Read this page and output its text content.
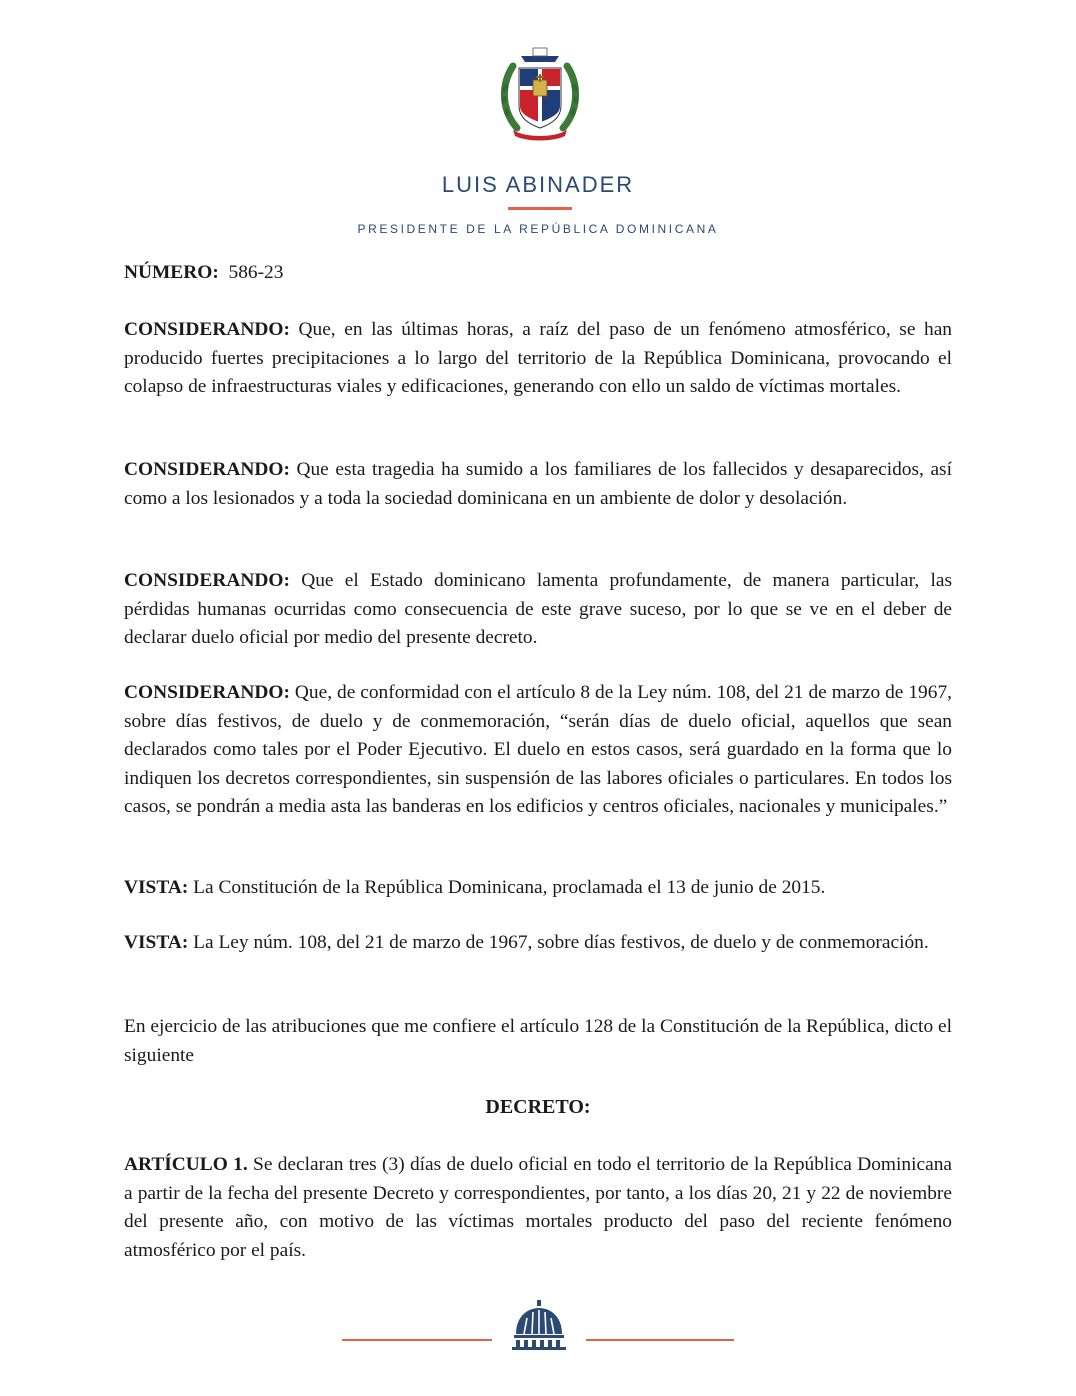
LUIS ABINADER
PRESIDENTE DE LA REPÚBLICA DOMINICANA
NÚMERO: 586-23

CONSIDERANDO: Que, en las últimas horas, a raíz del paso de un fenómeno atmosférico, se han producido fuertes precipitaciones a lo largo del territorio de la República Dominicana, provocando el colapso de infraestructuras viales y edificaciones, generando con ello un saldo de víctimas mortales.

CONSIDERANDO: Que esta tragedia ha sumido a los familiares de los fallecidos y desaparecidos, así como a los lesionados y a toda la sociedad dominicana en un ambiente de dolor y desolación.

CONSIDERANDO: Que el Estado dominicano lamenta profundamente, de manera particular, las pérdidas humanas ocurridas como consecuencia de este grave suceso, por lo que se ve en el deber de declarar duelo oficial por medio del presente decreto.

CONSIDERANDO: Que, de conformidad con el artículo 8 de la Ley núm. 108, del 21 de marzo de 1967, sobre días festivos, de duelo y de conmemoración, “serán días de duelo oficial, aquellos que sean declarados como tales por el Poder Ejecutivo. El duelo en estos casos, será guardado en la forma que lo indiquen los decretos correspondientes, sin suspensión de las labores oficiales o particulares. En todos los casos, se pondrán a media asta las banderas en los edificios y centros oficiales, nacionales y municipales.”

VISTA: La Constitución de la República Dominicana, proclamada el 13 de junio de 2015.

VISTA: La Ley núm. 108, del 21 de marzo de 1967, sobre días festivos, de duelo y de conmemoración.

En ejercicio de las atribuciones que me confiere el artículo 128 de la Constitución de la República, dicto el siguiente

DECRETO:

ARTÍCULO 1. Se declaran tres (3) días de duelo oficial en todo el territorio de la República Dominicana a partir de la fecha del presente Decreto y correspondientes, por tanto, a los días 20, 21 y 22 de noviembre del presente año, con motivo de las víctimas mortales producto del paso del reciente fenómeno atmosférico por el país.
